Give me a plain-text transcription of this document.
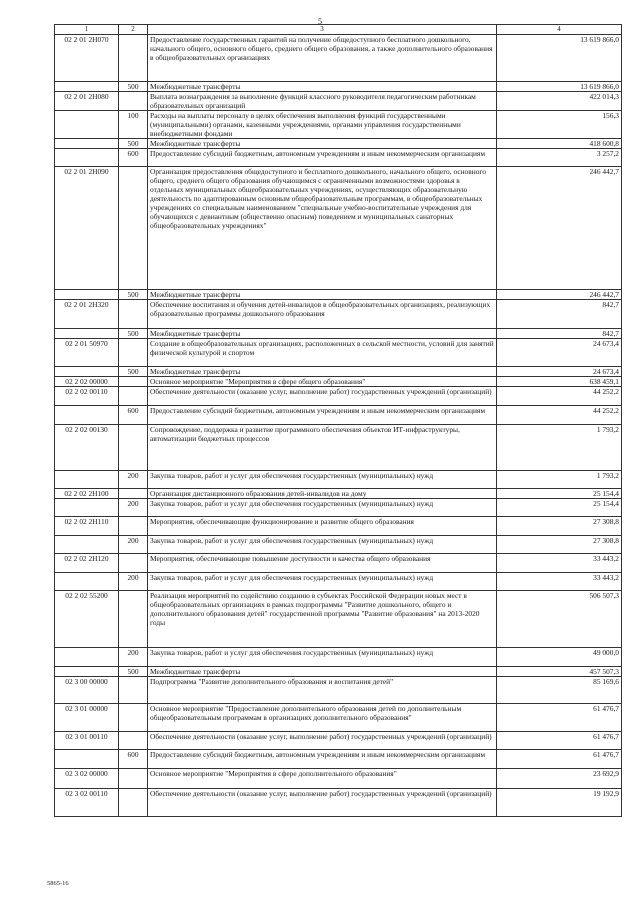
5
1	2	3	4
02 2 01 2Н070		Предоставление государственных гарантий на получение общедоступного бесплатного дошкольного, начального общего, основного общего, среднего общего образования, а также дополнительного образования в общеобразовательных организациях	13 619 866,0
	500	Межбюджетные трансферты	13 619 866,0
02 2 01 2Н080		Выплата вознаграждения за выполнение функций классного руководителя педагогическим работникам образовательных организаций	422 014,3
	100	Расходы на выплаты персоналу в целях обеспечения выполнения функций государственными (муниципальными) органами, казенными учреждениями, органами управления государственными внебюджетными фондами	156,3
	500	Межбюджетные трансферты	418 600,8
	600	Предоставление субсидий бюджетным, автономным учреждениям и иным некоммерческим организациям	3 257,2
02 2 01 2Н090		Организация предоставления общедоступного и бесплатного дошкольного, начального общего, основного общего, среднего общего образования обучающимся с ограниченными возможностями здоровья в отдельных муниципальных общеобразовательных учреждениях, осуществляющих образовательную деятельность по адаптированным основным общеобразовательным программам, в общеобразовательных учреждениях со специальным наименованием "специальные учебно-воспитательные учреждения для обучающихся с девиантным (общественно опасным) поведением и муниципальных санаторных общеобразовательных учреждениях"	246 442,7
	500	Межбюджетные трансферты	246 442,7
02 2 01 2Н320		Обеспечение воспитания и обучения детей-инвалидов в общеобразовательных организациях, реализующих образовательные программы дошкольного образования	842,7
	500	Межбюджетные трансферты	842,7
02 2 01 50970		Создание в общеобразовательных организациях, расположенных в сельской местности, условий для занятий физической культурой и спортом	24 673,4
	500	Межбюджетные трансферты	24 673,4
02 2 02 00000		Основное мероприятие "Мероприятия в сфере общего образования"	638 459,1
02 2 02 00110		Обеспечение деятельности (оказание услуг, выполнение работ) государственных учреждений (организаций)	44 252,2
	600	Предоставление субсидий бюджетным, автономным учреждениям и иным некоммерческим организациям	44 252,2
02 2 02 00130		Сопровождение, поддержка и развитие программного обеспечения объектов ИТ-инфраструктуры, автоматизации бюджетных процессов	1 793,2
	200	Закупка товаров, работ и услуг для обеспечения государственных (муниципальных) нужд	1 793,2
02 2 02 2Н100		Организация дистанционного образования детей-инвалидов на дому	25 154,4
	200	Закупка товаров, работ и услуг для обеспечения государственных (муниципальных) нужд	25 154,4
02 2 02 2Н110		Мероприятия, обеспечивающие функционирование и развитие общего образования	27 308,8
	200	Закупка товаров, работ и услуг для обеспечения государственных (муниципальных) нужд	27 308,8
02 2 02 2Н120		Мероприятия, обеспечивающие повышение доступности и качества общего образования	33 443,2
	200	Закупка товаров, работ и услуг для обеспечения государственных (муниципальных) нужд	33 443,2
02 2 02 55200		Реализация мероприятий по содействию созданию в субъектах Российской Федерации новых мест в общеобразовательных организациях в рамках подпрограммы "Развитие дошкольного, общего и дополнительного образования детей" государственной программы "Развитие образования" на 2013-2020 годы	506 507,3
	200	Закупка товаров, работ и услуг для обеспечения государственных (муниципальных) нужд	49 000,0
	500	Межбюджетные трансферты	457 507,3
02 3 00 00000		Подпрограмма "Развитие дополнительного образования и воспитания детей"	85 169,6
02 3 01 00000		Основное мероприятие "Предоставление дополнительного образования детей по дополнительным общеобразовательным программам в организациях дополнительного образования"	61 476,7
02 3 01 00110		Обеспечение деятельности (оказание услуг, выполнение работ) государственных учреждений (организаций)	61 476,7
	600	Предоставление субсидий бюджетным, автономным учреждениям и иным некоммерческим организациям	61 476,7
02 3 02 00000		Основное мероприятие "Мероприятия в сфере дополнительного образования"	23 692,9
02 3 02 00110		Обеспечение деятельности (оказание услуг, выполнение работ) государственных учреждений (организаций)	19 192,9
5865-16
